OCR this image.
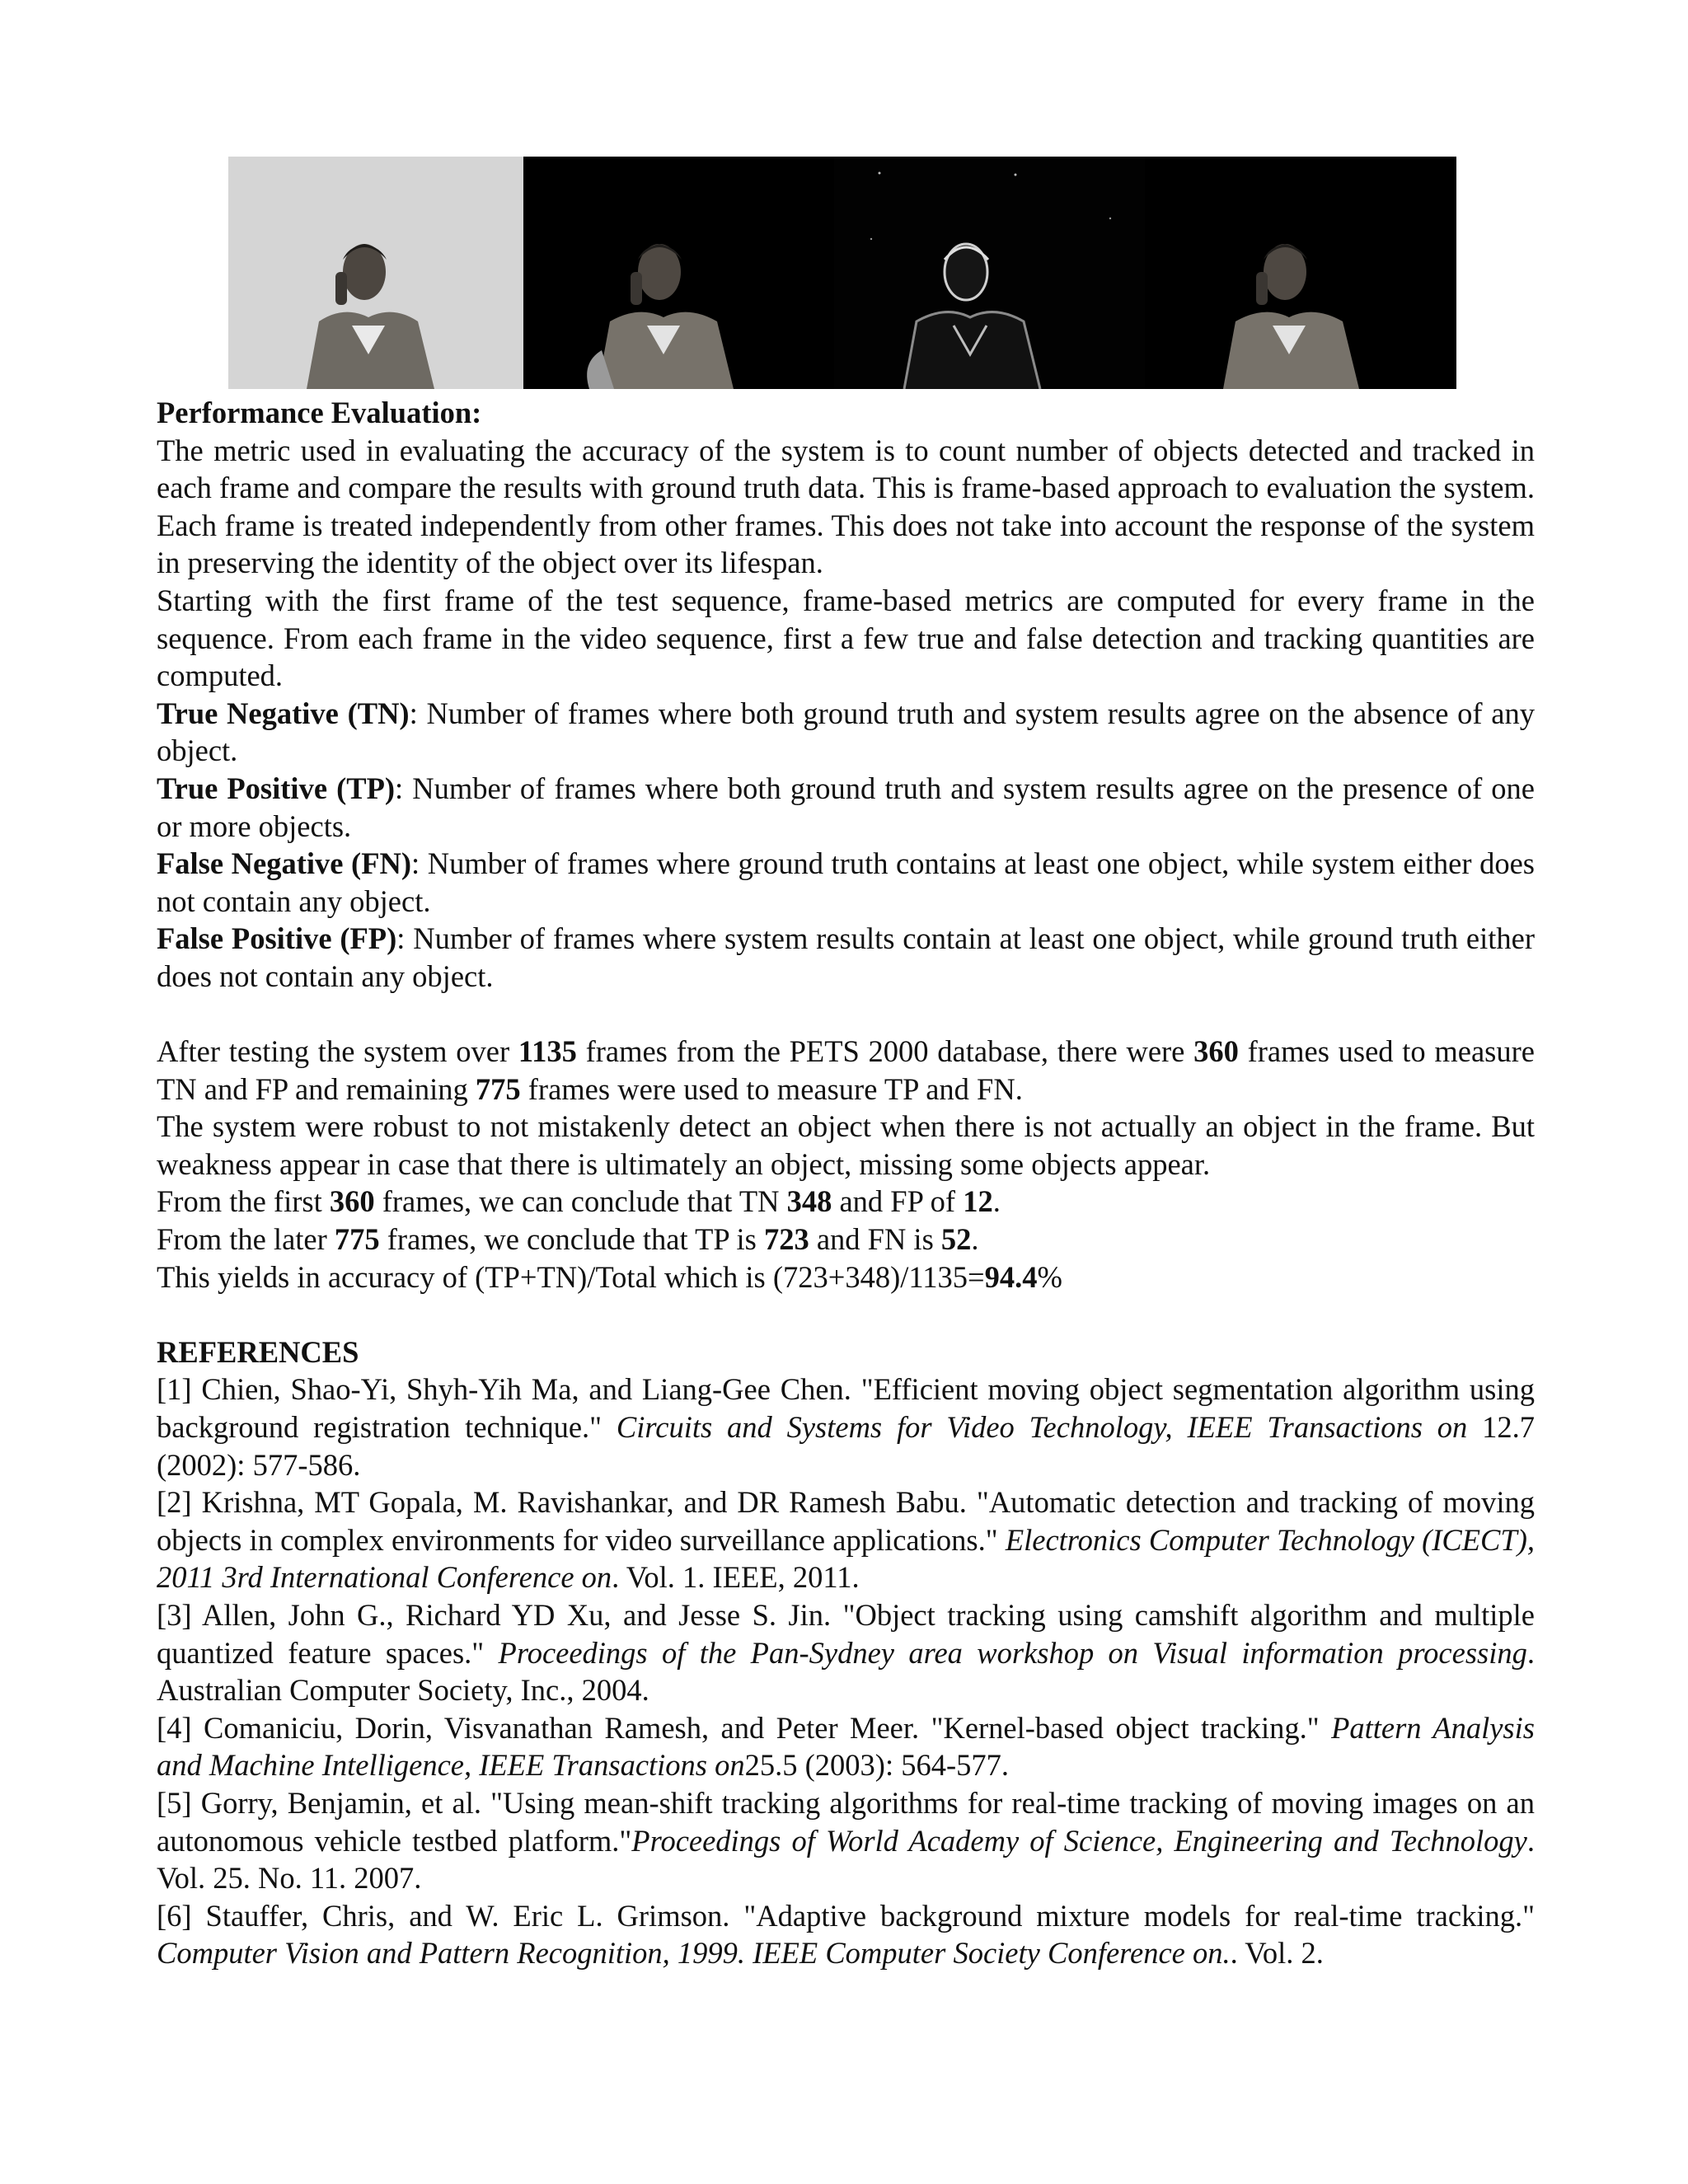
Performance Evaluation:

The metric used in evaluating the accuracy of the system is to count number of objects detected and tracked in each frame and compare the results with ground truth data. This is frame-based approach to evaluation the system. Each frame is treated independently from other frames. This does not take into account the response of the system in preserving the identity of the object over its lifespan.

Starting with the first frame of the test sequence, frame-based metrics are computed for every frame in the sequence. From each frame in the video sequence, first a few true and false detection and tracking quantities are computed.

True Negative (TN): Number of frames where both ground truth and system results agree on the absence of any object.

True Positive (TP): Number of frames where both ground truth and system results agree on the presence of one or more objects.

False Negative (FN): Number of frames where ground truth contains at least one object, while system either does not contain any object.

False Positive (FP): Number of frames where system results contain at least one object, while ground truth either does not contain any object.

After testing the system over 1135 frames from the PETS 2000 database, there were 360 frames used to measure TN and FP and remaining 775 frames were used to measure TP and FN.

The system were robust to not mistakenly detect an object when there is not actually an object in the frame. But weakness appear in case that there is ultimately an object, missing some objects appear.

From the first 360 frames, we can conclude that TN 348 and FP of 12.

From the later 775 frames, we conclude that TP is 723 and FN is 52.

This yields in accuracy of (TP+TN)/Total which is (723+348)/1135=94.4%

REFERENCES

[1] Chien, Shao-Yi, Shyh-Yih Ma, and Liang-Gee Chen. "Efficient moving object segmentation algorithm using background registration technique." Circuits and Systems for Video Technology, IEEE Transactions on 12.7 (2002): 577-586.

[2] Krishna, MT Gopala, M. Ravishankar, and DR Ramesh Babu. "Automatic detection and tracking of moving objects in complex environments for video surveillance applications." Electronics Computer Technology (ICECT), 2011 3rd International Conference on. Vol. 1. IEEE, 2011.

[3] Allen, John G., Richard YD Xu, and Jesse S. Jin. "Object tracking using camshift algorithm and multiple quantized feature spaces." Proceedings of the Pan-Sydney area workshop on Visual information processing. Australian Computer Society, Inc., 2004.

[4] Comaniciu, Dorin, Visvanathan Ramesh, and Peter Meer. "Kernel-based object tracking." Pattern Analysis and Machine Intelligence, IEEE Transactions on25.5 (2003): 564-577.

[5] Gorry, Benjamin, et al. "Using mean-shift tracking algorithms for real-time tracking of moving images on an autonomous vehicle testbed platform."Proceedings of World Academy of Science, Engineering and Technology. Vol. 25. No. 11. 2007.

[6] Stauffer, Chris, and W. Eric L. Grimson. "Adaptive background mixture models for real-time tracking." Computer Vision and Pattern Recognition, 1999. IEEE Computer Society Conference on.. Vol. 2.
